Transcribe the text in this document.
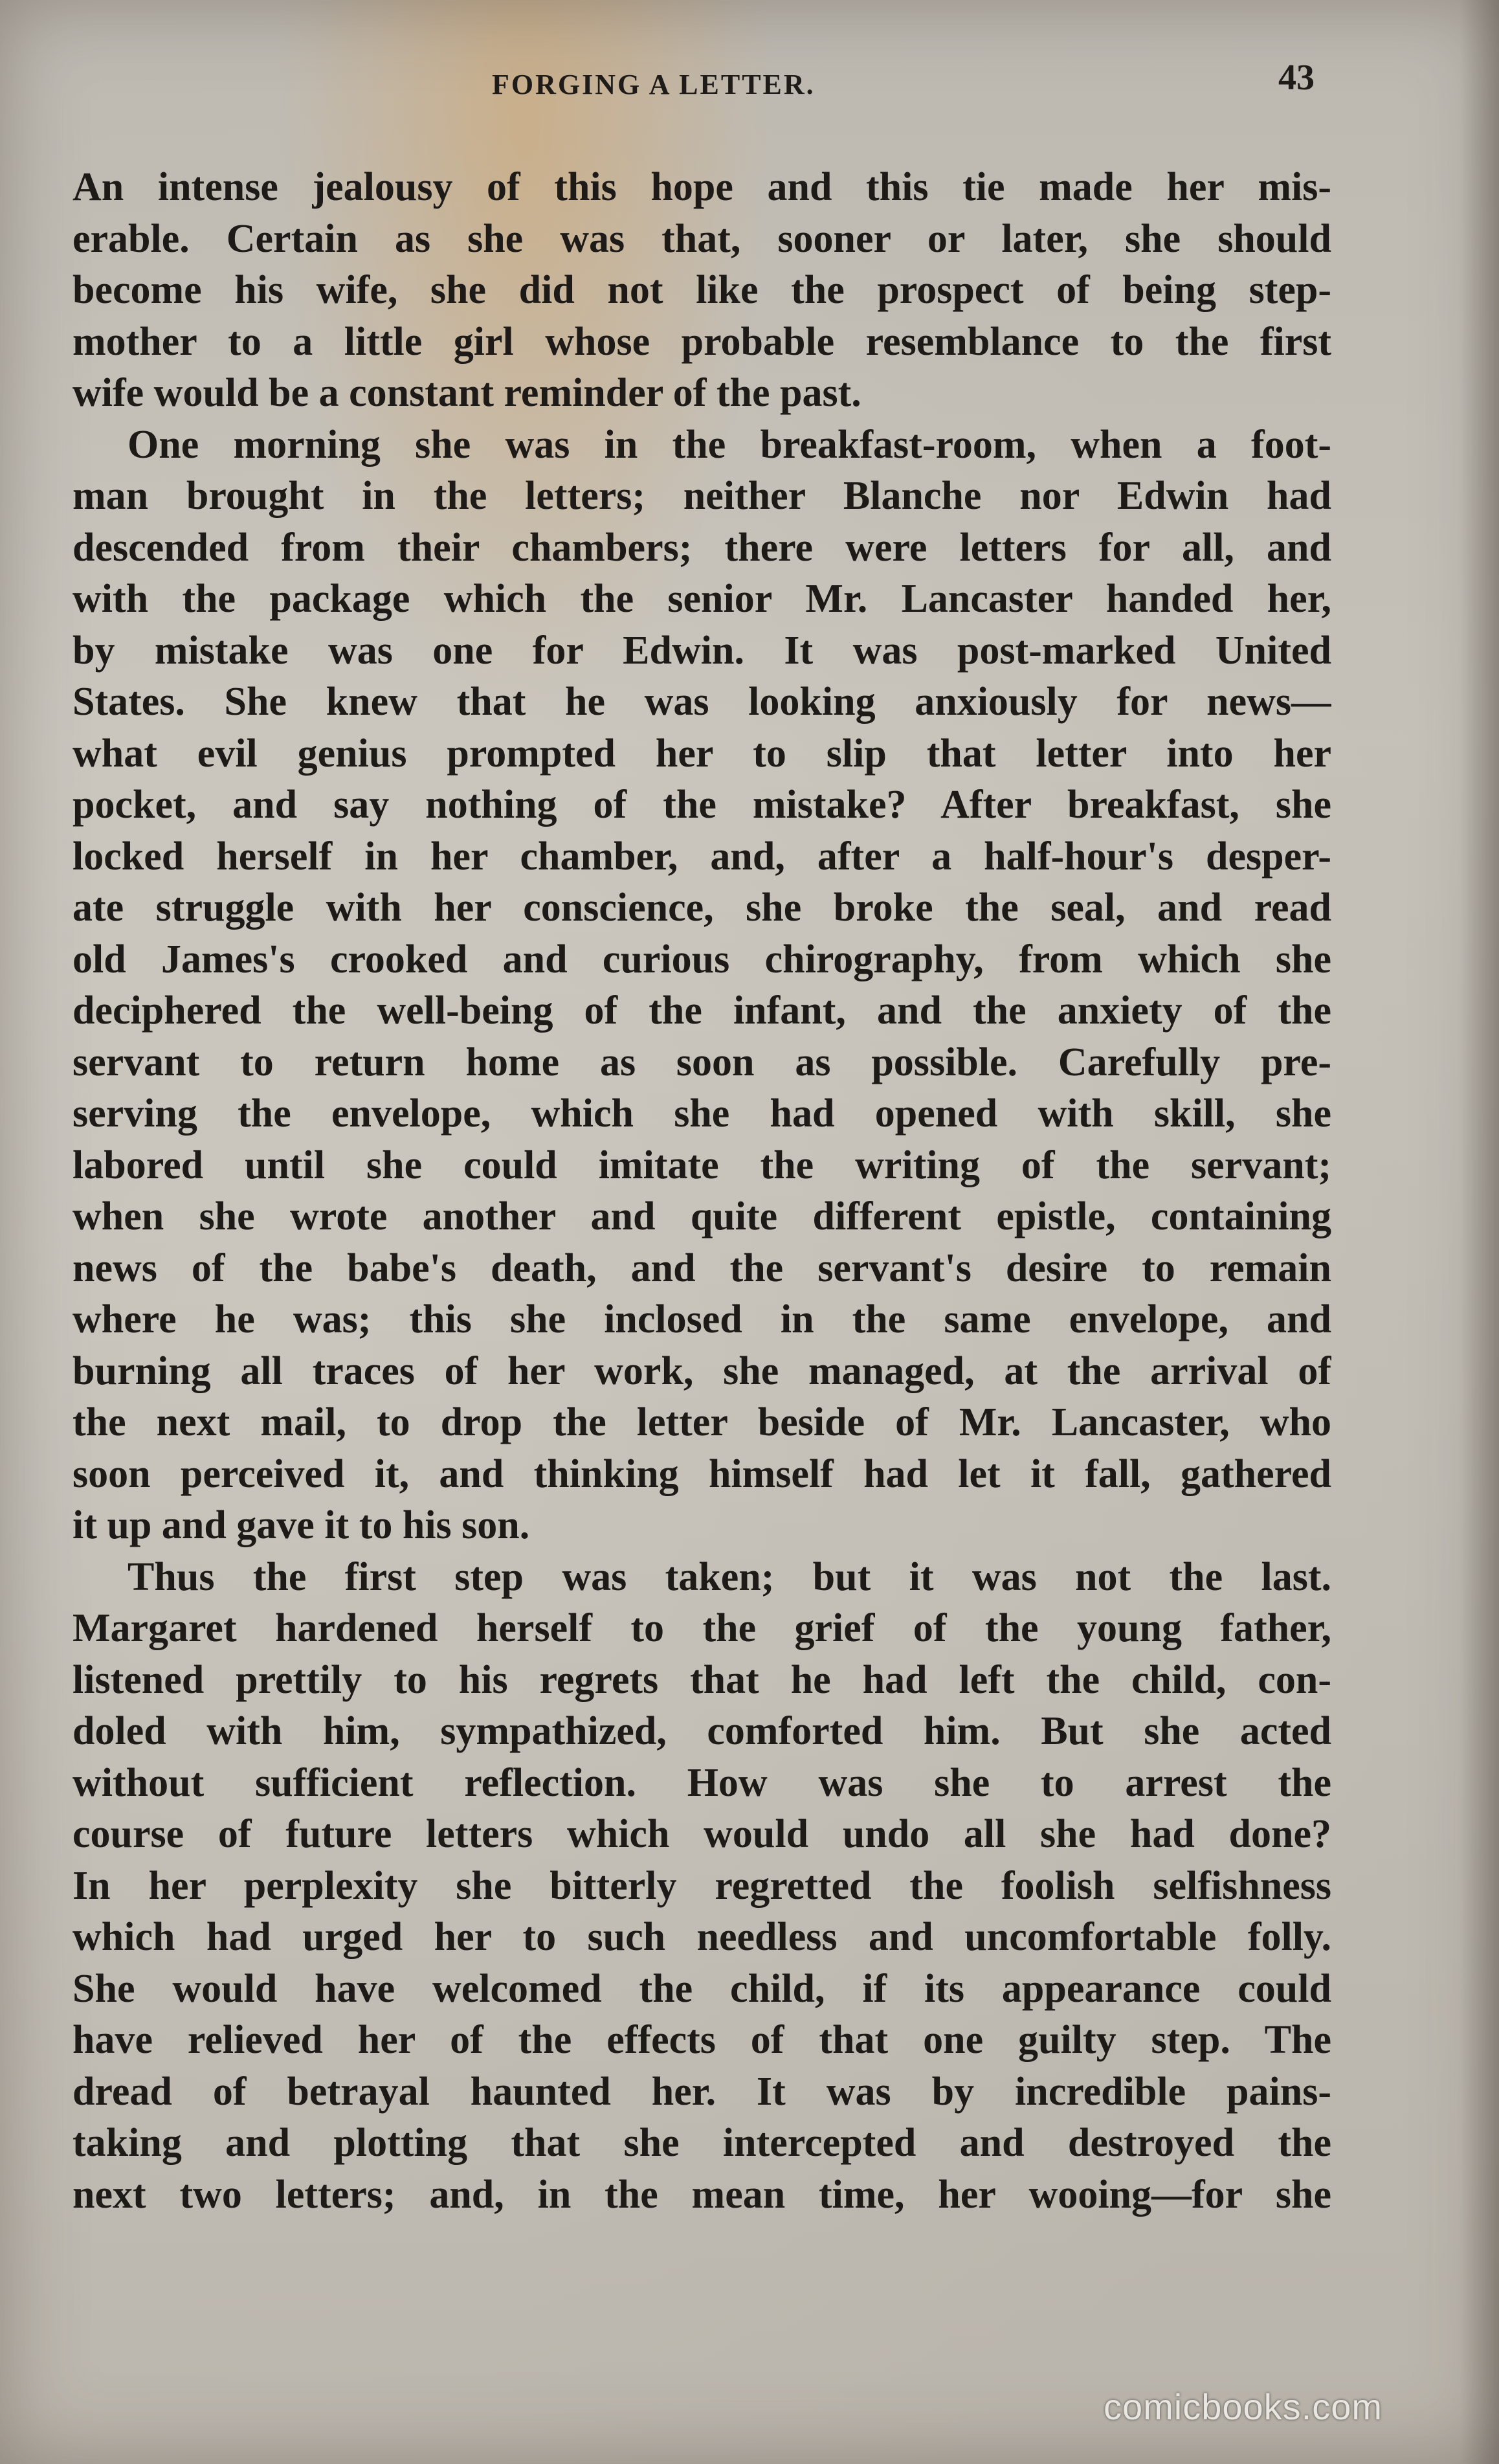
FORGING A LETTER.	43
An intense jealousy of this hope and this tie made her mis-
erable. Certain as she was that, sooner or later, she should
become his wife, she did not like the prospect of being step-
mother to a little girl whose probable resemblance to the first
wife would be a constant reminder of the past.
One morning she was in the breakfast-room, when a foot-
man brought in the letters; neither Blanche nor Edwin had
descended from their chambers; there were letters for all, and
with the package which the senior Mr. Lancaster handed her,
by mistake was one for Edwin. It was post-marked United
States. She knew that he was looking anxiously for news—
what evil genius prompted her to slip that letter into her
pocket, and say nothing of the mistake? After breakfast, she
locked herself in her chamber, and, after a half-hour's desper-
ate struggle with her conscience, she broke the seal, and read
old James's crooked and curious chirography, from which she
deciphered the well-being of the infant, and the anxiety of the
servant to return home as soon as possible. Carefully pre-
serving the envelope, which she had opened with skill, she
labored until she could imitate the writing of the servant;
when she wrote another and quite different epistle, containing
news of the babe's death, and the servant's desire to remain
where he was; this she inclosed in the same envelope, and
burning all traces of her work, she managed, at the arrival of
the next mail, to drop the letter beside of Mr. Lancaster, who
soon perceived it, and thinking himself had let it fall, gathered
it up and gave it to his son.
Thus the first step was taken; but it was not the last.
Margaret hardened herself to the grief of the young father,
listened prettily to his regrets that he had left the child, con-
doled with him, sympathized, comforted him. But she acted
without sufficient reflection. How was she to arrest the
course of future letters which would undo all she had done?
In her perplexity she bitterly regretted the foolish selfishness
which had urged her to such needless and uncomfortable folly.
She would have welcomed the child, if its appearance could
have relieved her of the effects of that one guilty step. The
dread of betrayal haunted her. It was by incredible pains-
taking and plotting that she intercepted and destroyed the
next two letters; and, in the mean time, her wooing—for she
comicbooks.com
